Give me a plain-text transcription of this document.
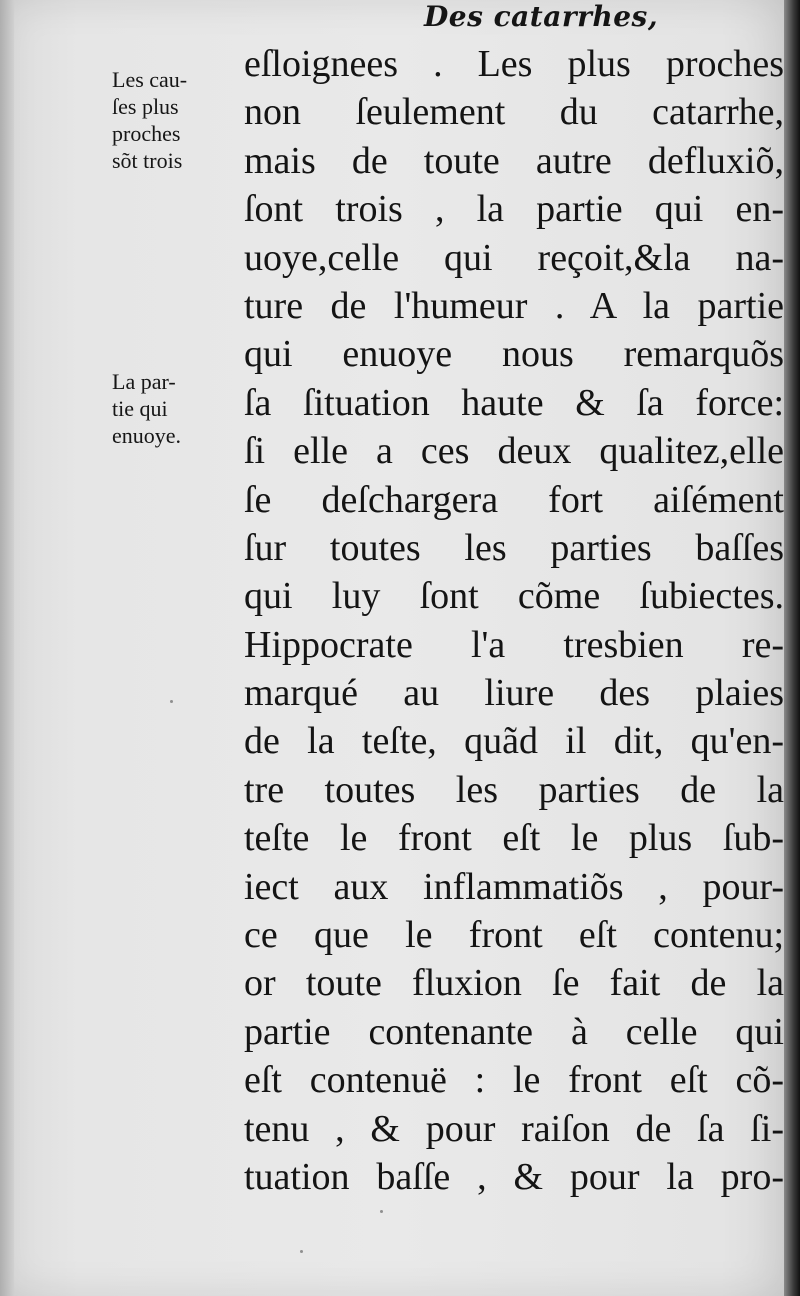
Des catarrhes,
Les cau-
ſes plus
proches
sõt trois
La par-
tie qui
enuoye.
eſloignees . Les plus proches
non ſeulement du catarrhe,
mais de toute autre defluxiõ,
ſont trois , la partie qui en-
uoye,celle qui reçoit,&la na-
ture de l'humeur . A la partie
qui enuoye nous remarquõs
ſa ſituation haute & ſa force:
ſi elle a ces deux qualitez,elle
ſe deſchargera fort aiſément
ſur toutes les parties baſſes
qui luy ſont cõme ſubiectes.
Hippocrate l'a tresbien re-
marqué au liure des plaies
de la teſte, quãd il dit, qu'en-
tre toutes les parties de la
teſte le front eſt le plus ſub-
iect aux inflammatiõs , pour-
ce que le front eſt contenu;
or toute fluxion ſe fait de la
partie contenante à celle qui
eſt contenuë : le front eſt cõ-
tenu , & pour raiſon de ſa ſi-
tuation baſſe , & pour la pro-
